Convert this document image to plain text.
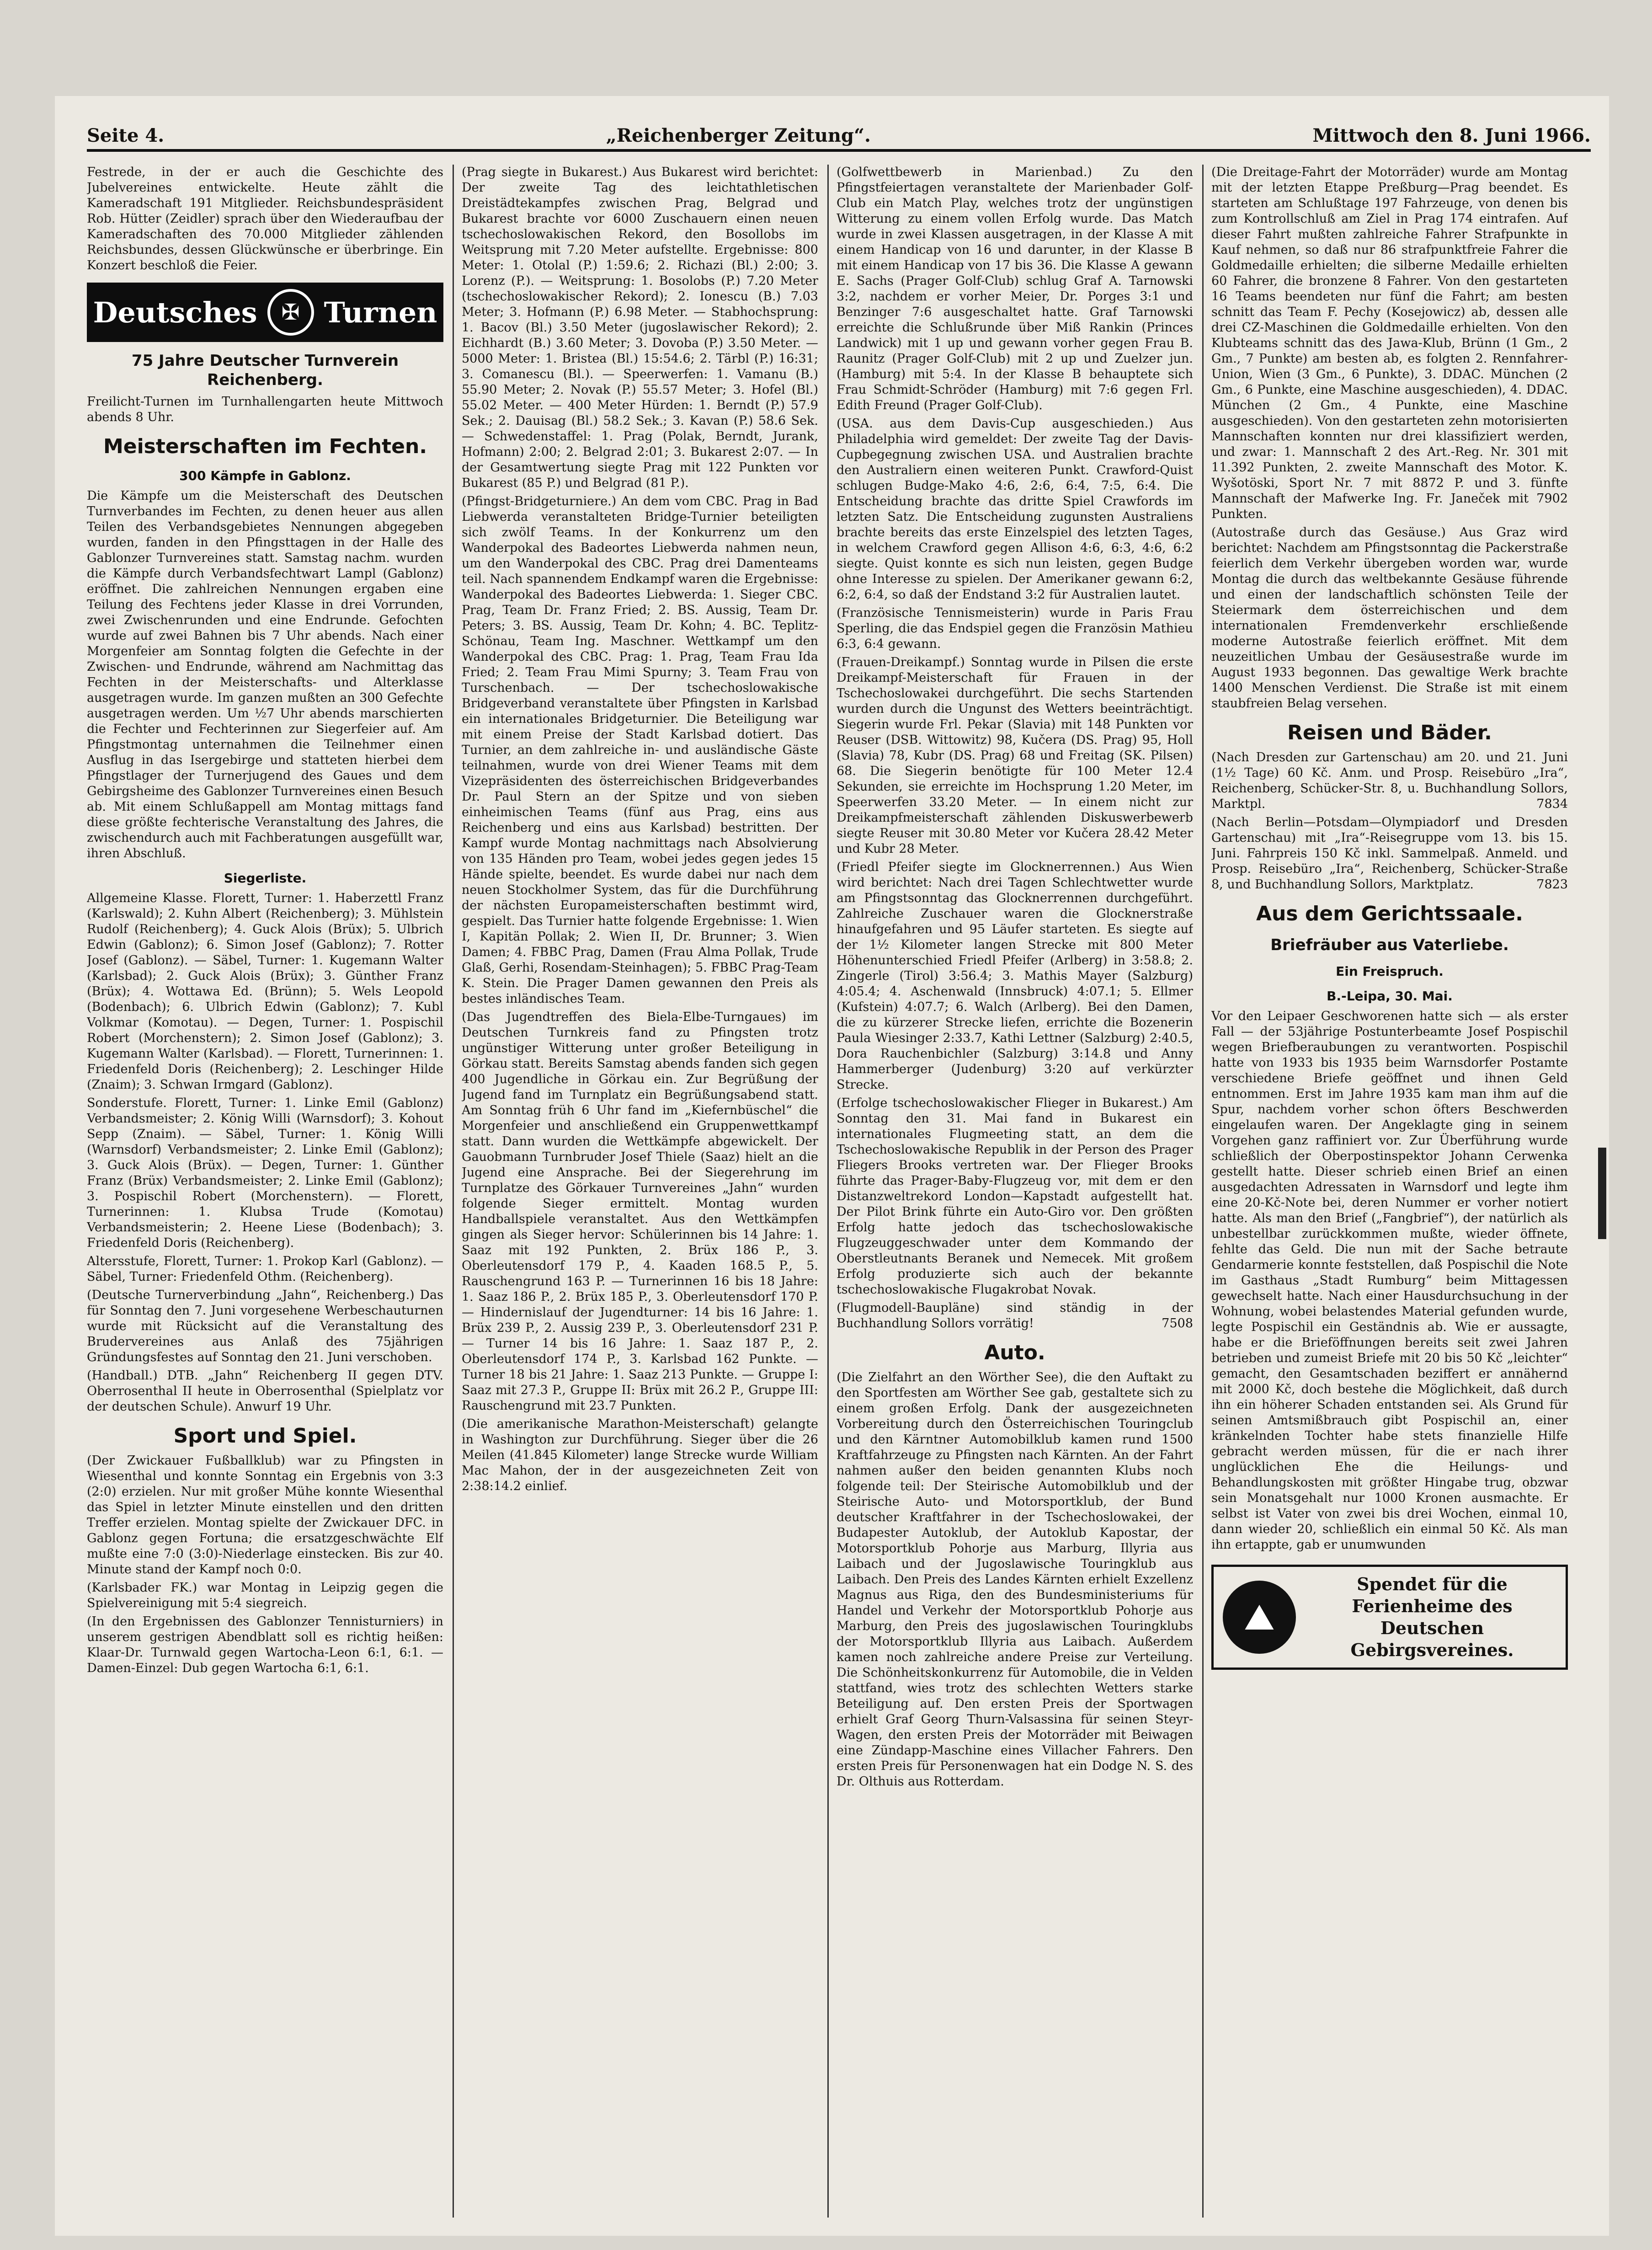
Seite 4.	„Reichenberger Zeitung“.	Mittwoch den 8. Juni 1966.

Festrede, in der er auch die Geschichte des Jubelvereines entwickelte. Heute zählt die Kameradschaft 191 Mitglieder. Reichsbundespräsident Rob. Hütter (Zeidler) sprach über den Wiederaufbau der Kameradschaften des 70.000 Mitglieder zählenden Reichsbundes, dessen Glückwünsche er überbringe. Ein Konzert beschloß die Feier.

Deutsches	✠ Turnen
75 Jahre Deutscher Turnverein Reichenberg.

Freilicht-Turnen im Turnhallengarten heute Mittwoch abends 8 Uhr.

Meisterschaften im Fechten.
300 Kämpfe in Gablonz.

Die Kämpfe um die Meisterschaft des Deutschen Turnverbandes im Fechten, zu denen heuer aus allen Teilen des Verbandsgebietes Nennungen abgegeben wurden, fanden in den Pfingsttagen in der Halle des Gablonzer Turnvereines statt. Samstag nachm. wurden die Kämpfe durch Verbandsfechtwart Lampl (Gablonz) eröffnet. Die zahlreichen Nennungen ergaben eine Teilung des Fechtens jeder Klasse in drei Vorrunden, zwei Zwischenrunden und eine Endrunde. Gefochten wurde auf zwei Bahnen bis 7 Uhr abends. Nach einer Morgenfeier am Sonntag folgten die Gefechte in der Zwischen- und Endrunde, während am Nachmittag das Fechten in der Meisterschafts- und Alterklasse ausgetragen wurde. Im ganzen mußten an 300 Gefechte ausgetragen werden. Um ½7 Uhr abends marschierten die Fechter und Fechterinnen zur Siegerfeier auf. Am Pfingstmontag unternahmen die Teilnehmer einen Ausflug in das Isergebirge und statteten hierbei dem Pfingstlager der Turnerjugend des Gaues und dem Gebirgsheime des Gablonzer Turnvereines einen Besuch ab. Mit einem Schlußappell am Montag mittags fand diese größte fechterische Veranstaltung des Jahres, die zwischendurch auch mit Fachberatungen ausgefüllt war, ihren Abschluß.

Siegerliste.

Allgemeine Klasse. Florett, Turner: 1. Haberzettl Franz (Karlswald); 2. Kuhn Albert (Reichenberg); 3. Mühlstein Rudolf (Reichenberg); 4. Guck Alois (Brüx); 5. Ulbrich Edwin (Gablonz); 6. Simon Josef (Gablonz); 7. Rotter Josef (Gablonz). — Säbel, Turner: 1. Kugemann Walter (Karlsbad); 2. Guck Alois (Brüx); 3. Günther Franz (Brüx); 4. Wottawa Ed. (Brünn); 5. Wels Leopold (Bodenbach); 6. Ulbrich Edwin (Gablonz); 7. Kubl Volkmar (Komotau). — Degen, Turner: 1. Pospischil Robert (Morchenstern); 2. Simon Josef (Gablonz); 3. Kugemann Walter (Karlsbad). — Florett, Turnerinnen: 1. Friedenfeld Doris (Reichenberg); 2. Leschinger Hilde (Znaim); 3. Schwan Irmgard (Gablonz).

Sonderstufe. Florett, Turner: 1. Linke Emil (Gablonz) Verbandsmeister; 2. König Willi (Warnsdorf); 3. Kohout Sepp (Znaim). — Säbel, Turner: 1. König Willi (Warnsdorf) Verbandsmeister; 2. Linke Emil (Gablonz); 3. Guck Alois (Brüx). — Degen, Turner: 1. Günther Franz (Brüx) Verbandsmeister; 2. Linke Emil (Gablonz); 3. Pospischil Robert (Morchenstern). — Florett, Turnerinnen: 1. Klubsa Trude (Komotau) Verbandsmeisterin; 2. Heene Liese (Bodenbach); 3. Friedenfeld Doris (Reichenberg).

Altersstufe, Florett, Turner: 1. Prokop Karl (Gablonz). — Säbel, Turner: Friedenfeld Othm. (Reichenberg).

(Deutsche Turnerverbindung „Jahn“, Reichenberg.) Das für Sonntag den 7. Juni vorgesehene Werbeschauturnen wurde mit Rücksicht auf die Veranstaltung des Brudervereines aus Anlaß des 75jährigen Gründungsfestes auf Sonntag den 21. Juni verschoben.

(Handball.) DTB. „Jahn“ Reichenberg II gegen DTV. Oberrosenthal II heute in Oberrosenthal (Spielplatz vor der deutschen Schule). Anwurf 19 Uhr.

Sport und Spiel.

(Der Zwickauer Fußballklub) war zu Pfingsten in Wiesenthal und konnte Sonntag ein Ergebnis von 3:3 (2:0) erzielen. Nur mit großer Mühe konnte Wiesenthal das Spiel in letzter Minute einstellen und den dritten Treffer erzielen. Montag spielte der Zwickauer DFC. in Gablonz gegen Fortuna; die ersatzgeschwächte Elf mußte eine 7:0 (3:0)-Niederlage einstecken. Bis zur 40. Minute stand der Kampf noch 0:0.

(Karlsbader FK.) war Montag in Leipzig gegen die Spielvereinigung mit 5:4 siegreich.

(In den Ergebnissen des Gablonzer Tennisturniers) in unserem gestrigen Abendblatt soll es richtig heißen: Klaar-Dr. Turnwald gegen Wartocha-Leon 6:1, 6:1. — Damen-Einzel: Dub gegen Wartocha 6:1, 6:1.

(Prag siegte in Bukarest.) Aus Bukarest wird berichtet: Der zweite Tag des leichtathletischen Dreistädtekampfes zwischen Prag, Belgrad und Bukarest brachte vor 6000 Zuschauern einen neuen tschechoslowakischen Rekord, den Bosollobs im Weitsprung mit 7.20 Meter aufstellte. Ergebnisse: 800 Meter: 1. Otolal (P.) 1:59.6; 2. Richazi (Bl.) 2:00; 3. Lorenz (P.). — Weitsprung: 1. Bosolobs (P.) 7.20 Meter (tschechoslowakischer Rekord); 2. Ionescu (B.) 7.03 Meter; 3. Hofmann (P.) 6.98 Meter. — Stabhochsprung: 1. Bacov (Bl.) 3.50 Meter (jugoslawischer Rekord); 2. Eichhardt (B.) 3.60 Meter; 3. Dovoba (P.) 3.50 Meter. — 5000 Meter: 1. Bristea (Bl.) 15:54.6; 2. Tärbl (P.) 16:31; 3. Comanescu (Bl.). — Speerwerfen: 1. Vamanu (B.) 55.90 Meter; 2. Novak (P.) 55.57 Meter; 3. Hofel (Bl.) 55.02 Meter. — 400 Meter Hürden: 1. Berndt (P.) 57.9 Sek.; 2. Dauisag (Bl.) 58.2 Sek.; 3. Kavan (P.) 58.6 Sek. — Schwedenstaffel: 1. Prag (Polak, Berndt, Jurank, Hofmann) 2:00; 2. Belgrad 2:01; 3. Bukarest 2:07. — In der Gesamtwertung siegte Prag mit 122 Punkten vor Bukarest (85 P.) und Belgrad (81 P.).

(Pfingst-Bridgeturniere.) An dem vom CBC. Prag in Bad Liebwerda veranstalteten Bridge-Turnier beteiligten sich zwölf Teams. In der Konkurrenz um den Wanderpokal des Badeortes Liebwerda nahmen neun, um den Wanderpokal des CBC. Prag drei Damenteams teil. Nach spannendem Endkampf waren die Ergebnisse: Wanderpokal des Badeortes Liebwerda: 1. Sieger CBC. Prag, Team Dr. Franz Fried; 2. BS. Aussig, Team Dr. Peters; 3. BS. Aussig, Team Dr. Kohn; 4. BC. Teplitz-Schönau, Team Ing. Maschner. Wettkampf um den Wanderpokal des CBC. Prag: 1. Prag, Team Frau Ida Fried; 2. Team Frau Mimi Spurny; 3. Team Frau von Turschenbach. — Der tschechoslowakische Bridgeverband veranstaltete über Pfingsten in Karlsbad ein internationales Bridgeturnier. Die Beteiligung war mit einem Preise der Stadt Karlsbad dotiert. Das Turnier, an dem zahlreiche in- und ausländische Gäste teilnahmen, wurde von drei Wiener Teams mit dem Vizepräsidenten des österreichischen Bridgeverbandes Dr. Paul Stern an der Spitze und von sieben einheimischen Teams (fünf aus Prag, eins aus Reichenberg und eins aus Karlsbad) bestritten. Der Kampf wurde Montag nachmittags nach Absolvierung von 135 Händen pro Team, wobei jedes gegen jedes 15 Hände spielte, beendet. Es wurde dabei nur nach dem neuen Stockholmer System, das für die Durchführung der nächsten Europameisterschaften bestimmt wird, gespielt. Das Turnier hatte folgende Ergebnisse: 1. Wien I, Kapitän Pollak; 2. Wien II, Dr. Brunner; 3. Wien Damen; 4. FBBC Prag, Damen (Frau Alma Pollak, Trude Glaß, Gerhi, Rosendam-Steinhagen); 5. FBBC Prag-Team K. Stein. Die Prager Damen gewannen den Preis als bestes inländisches Team.

(Das Jugendtreffen des Biela-Elbe-Turngaues) im Deutschen Turnkreis fand zu Pfingsten trotz ungünstiger Witterung unter großer Beteiligung in Görkau statt. Bereits Samstag abends fanden sich gegen 400 Jugendliche in Görkau ein. Zur Begrüßung der Jugend fand im Turnplatz ein Begrüßungsabend statt. Am Sonntag früh 6 Uhr fand im „Kiefernbüschel“ die Morgenfeier und anschließend ein Gruppenwettkampf statt. Dann wurden die Wettkämpfe abgewickelt. Der Gauobmann Turnbruder Josef Thiele (Saaz) hielt an die Jugend eine Ansprache. Bei der Siegerehrung im Turnplatze des Görkauer Turnvereines „Jahn“ wurden folgende Sieger ermittelt. Montag wurden Handballspiele veranstaltet. Aus den Wettkämpfen gingen als Sieger hervor: Schülerinnen bis 14 Jahre: 1. Saaz mit 192 Punkten, 2. Brüx 186 P., 3. Oberleutensdorf 179 P., 4. Kaaden 168.5 P., 5. Rauschengrund 163 P. — Turnerinnen 16 bis 18 Jahre: 1. Saaz 186 P., 2. Brüx 185 P., 3. Oberleutensdorf 170 P. — Hindernislauf der Jugendturner: 14 bis 16 Jahre: 1. Brüx 239 P., 2. Aussig 239 P., 3. Oberleutensdorf 231 P. — Turner 14 bis 16 Jahre: 1. Saaz 187 P., 2. Oberleutensdorf 174 P., 3. Karlsbad 162 Punkte. — Turner 18 bis 21 Jahre: 1. Saaz 213 Punkte. — Gruppe I: Saaz mit 27.3 P., Gruppe II: Brüx mit 26.2 P., Gruppe III: Rauschengrund mit 23.7 Punkten.

(Die amerikanische Marathon-Meisterschaft) gelangte in Washington zur Durchführung. Sieger über die 26 Meilen (41.845 Kilometer) lange Strecke wurde William Mac Mahon, der in der ausgezeichneten Zeit von 2:38:14.2 einlief.

(Golfwettbewerb in Marienbad.) Zu den Pfingstfeiertagen veranstaltete der Marienbader Golf-Club ein Match Play, welches trotz der ungünstigen Witterung zu einem vollen Erfolg wurde. Das Match wurde in zwei Klassen ausgetragen, in der Klasse A mit einem Handicap von 16 und darunter, in der Klasse B mit einem Handicap von 17 bis 36. Die Klasse A gewann E. Sachs (Prager Golf-Club) schlug Graf A. Tarnowski 3:2, nachdem er vorher Meier, Dr. Porges 3:1 und Benzinger 7:6 ausgeschaltet hatte. Graf Tarnowski erreichte die Schlußrunde über Miß Rankin (Princes Landwick) mit 1 up und gewann vorher gegen Frau B. Raunitz (Prager Golf-Club) mit 2 up und Zuelzer jun. (Hamburg) mit 5:4. In der Klasse B behauptete sich Frau Schmidt-Schröder (Hamburg) mit 7:6 gegen Frl. Edith Freund (Prager Golf-Club).

(USA. aus dem Davis-Cup ausgeschieden.) Aus Philadelphia wird gemeldet: Der zweite Tag der Davis-Cupbegegnung zwischen USA. und Australien brachte den Australiern einen weiteren Punkt. Crawford-Quist schlugen Budge-Mako 4:6, 2:6, 6:4, 7:5, 6:4. Die Entscheidung brachte das dritte Spiel Crawfords im letzten Satz. Die Entscheidung zugunsten Australiens brachte bereits das erste Einzelspiel des letzten Tages, in welchem Crawford gegen Allison 4:6, 6:3, 4:6, 6:2 siegte. Quist konnte es sich nun leisten, gegen Budge ohne Interesse zu spielen. Der Amerikaner gewann 6:2, 6:2, 6:4, so daß der Endstand 3:2 für Australien lautet.

(Französische Tennismeisterin) wurde in Paris Frau Sperling, die das Endspiel gegen die Französin Mathieu 6:3, 6:4 gewann.

(Frauen-Dreikampf.) Sonntag wurde in Pilsen die erste Dreikampf-Meisterschaft für Frauen in der Tschechoslowakei durchgeführt. Die sechs Startenden wurden durch die Ungunst des Wetters beeinträchtigt. Siegerin wurde Frl. Pekar (Slavia) mit 148 Punkten vor Reuser (DSB. Wittowitz) 98, Kučera (DS. Prag) 95, Holl (Slavia) 78, Kubr (DS. Prag) 68 und Freitag (SK. Pilsen) 68. Die Siegerin benötigte für 100 Meter 12.4 Sekunden, sie erreichte im Hochsprung 1.20 Meter, im Speerwerfen 33.20 Meter. — In einem nicht zur Dreikampfmeisterschaft zählenden Diskuswerbewerb siegte Reuser mit 30.80 Meter vor Kučera 28.42 Meter und Kubr 28 Meter.

(Friedl Pfeifer siegte im Glocknerrennen.) Aus Wien wird berichtet: Nach drei Tagen Schlechtwetter wurde am Pfingstsonntag das Glocknerrennen durchgeführt. Zahlreiche Zuschauer waren die Glocknerstraße hinaufgefahren und 95 Läufer starteten. Es siegte auf der 1½ Kilometer langen Strecke mit 800 Meter Höhenunterschied Friedl Pfeifer (Arlberg) in 3:58.8; 2. Zingerle (Tirol) 3:56.4; 3. Mathis Mayer (Salzburg) 4:05.4; 4. Aschenwald (Innsbruck) 4:07.1; 5. Ellmer (Kufstein) 4:07.7; 6. Walch (Arlberg). Bei den Damen, die zu kürzerer Strecke liefen, errichte die Bozenerin Paula Wiesinger 2:33.7, Kathi Lettner (Salzburg) 2:40.5, Dora Rauchenbichler (Salzburg) 3:14.8 und Anny Hammerberger (Judenburg) 3:20 auf verkürzter Strecke.

(Erfolge tschechoslowakischer Flieger in Bukarest.) Am Sonntag den 31. Mai fand in Bukarest ein internationales Flugmeeting statt, an dem die Tschechoslowakische Republik in der Person des Prager Fliegers Brooks vertreten war. Der Flieger Brooks führte das Prager-Baby-Flugzeug vor, mit dem er den Distanzweltrekord London—Kapstadt aufgestellt hat. Der Pilot Brink führte ein Auto-Giro vor. Den größten Erfolg hatte jedoch das tschechoslowakische Flugzeuggeschwader unter dem Kommando der Oberstleutnants Beranek und Nemecek. Mit großem Erfolg produzierte sich auch der bekannte tschechoslowakische Flugakrobat Novak.

(Flugmodell-Baupläne) sind ständig in der Buchhandlung Sollors vorrätig!	7508

Auto.

(Die Zielfahrt an den Wörther See), die den Auftakt zu den Sportfesten am Wörther See gab, gestaltete sich zu einem großen Erfolg. Dank der ausgezeichneten Vorbereitung durch den Österreichischen Touringclub und den Kärntner Automobilklub kamen rund 1500 Kraftfahrzeuge zu Pfingsten nach Kärnten. An der Fahrt nahmen außer den beiden genannten Klubs noch folgende teil: Der Steirische Automobilklub und der Steirische Auto- und Motorsportklub, der Bund deutscher Kraftfahrer in der Tschechoslowakei, der Budapester Autoklub, der Autoklub Kapostar, der Motorsportklub Pohorje aus Marburg, Illyria aus Laibach und der Jugoslawische Touringklub aus Laibach. Den Preis des Landes Kärnten erhielt Exzellenz Magnus aus Riga, den des Bundesministeriums für Handel und Verkehr der Motorsportklub Pohorje aus Marburg, den Preis des jugoslawischen Touringklubs der Motorsportklub Illyria aus Laibach. Außerdem kamen noch zahlreiche andere Preise zur Verteilung. Die Schönheitskonkurrenz für Automobile, die in Velden stattfand, wies trotz des schlechten Wetters starke Beteiligung auf. Den ersten Preis der Sportwagen erhielt Graf Georg Thurn-Valsassina für seinen Steyr-Wagen, den ersten Preis der Motorräder mit Beiwagen eine Zündapp-Maschine eines Villacher Fahrers. Den ersten Preis für Personenwagen hat ein Dodge N. S. des Dr. Olthuis aus Rotterdam.

(Die Dreitage-Fahrt der Motorräder) wurde am Montag mit der letzten Etappe Preßburg—Prag beendet. Es starteten am Schlußtage 197 Fahrzeuge, von denen bis zum Kontrollschluß am Ziel in Prag 174 eintrafen. Auf dieser Fahrt mußten zahlreiche Fahrer Strafpunkte in Kauf nehmen, so daß nur 86 strafpunktfreie Fahrer die Goldmedaille erhielten; die silberne Medaille erhielten 60 Fahrer, die bronzene 8 Fahrer. Von den gestarteten 16 Teams beendeten nur fünf die Fahrt; am besten schnitt das Team F. Pechy (Kosejowicz) ab, dessen alle drei CZ-Maschinen die Goldmedaille erhielten. Von den Klubteams schnitt das des Jawa-Klub, Brünn (1 Gm., 2 Gm., 7 Punkte) am besten ab, es folgten 2. Rennfahrer-Union, Wien (3 Gm., 6 Punkte), 3. DDAC. München (2 Gm., 6 Punkte, eine Maschine ausgeschieden), 4. DDAC. München (2 Gm., 4 Punkte, eine Maschine ausgeschieden). Von den gestarteten zehn motorisierten Mannschaften konnten nur drei klassifiziert werden, und zwar: 1. Mannschaft 2 des Art.-Reg. Nr. 301 mit 11.392 Punkten, 2. zweite Mannschaft des Motor. K. Wyšotöski, Sport Nr. 7 mit 8872 P. und 3. fünfte Mannschaft der Mafwerke Ing. Fr. Janeček mit 7902 Punkten.

(Autostraße durch das Gesäuse.) Aus Graz wird berichtet: Nachdem am Pfingstsonntag die Packerstraße feierlich dem Verkehr übergeben worden war, wurde Montag die durch das weltbekannte Gesäuse führende und einen der landschaftlich schönsten Teile der Steiermark dem österreichischen und dem internationalen Fremdenverkehr erschließende moderne Autostraße feierlich eröffnet. Mit dem neuzeitlichen Umbau der Gesäusestraße wurde im August 1933 begonnen. Das gewaltige Werk brachte 1400 Menschen Verdienst. Die Straße ist mit einem staubfreien Belag versehen.

Reisen und Bäder.

(Nach Dresden zur Gartenschau) am 20. und 21. Juni (1½ Tage) 60 Kč. Anm. und Prosp. Reisebüro „Ira“, Reichenberg, Schücker-Str. 8, u. Buchhandlung Sollors, Marktpl.	7834

(Nach Berlin—Potsdam—Olympiadorf und Dresden Gartenschau) mit „Ira“-Reisegruppe vom 13. bis 15. Juni. Fahrpreis 150 Kč inkl. Sammelpaß. Anmeld. und Prosp. Reisebüro „Ira“, Reichenberg, Schücker-Straße 8, und Buchhandlung Sollors, Marktplatz.	7823

Aus dem Gerichtssaale.
Briefräuber aus Vaterliebe.
Ein Freispruch.
B.-Leipa, 30. Mai.

Vor den Leipaer Geschworenen hatte sich — als erster Fall — der 53jährige Postunterbeamte Josef Pospischil wegen Briefberaubungen zu verantworten. Pospischil hatte von 1933 bis 1935 beim Warnsdorfer Postamte verschiedene Briefe geöffnet und ihnen Geld entnommen. Erst im Jahre 1935 kam man ihm auf die Spur, nachdem vorher schon öfters Beschwerden eingelaufen waren. Der Angeklagte ging in seinem Vorgehen ganz raffiniert vor. Zur Überführung wurde schließlich der Oberpostinspektor Johann Cerwenka gestellt hatte. Dieser schrieb einen Brief an einen ausgedachten Adressaten in Warnsdorf und legte ihm eine 20-Kč-Note bei, deren Nummer er vorher notiert hatte. Als man den Brief („Fangbrief“), der natürlich als unbestellbar zurückkommen mußte, wieder öffnete, fehlte das Geld. Die nun mit der Sache betraute Gendarmerie konnte feststellen, daß Pospischil die Note im Gasthaus „Stadt Rumburg“ beim Mittagessen gewechselt hatte. Nach einer Hausdurchsuchung in der Wohnung, wobei belastendes Material gefunden wurde, legte Pospischil ein Geständnis ab. Wie er aussagte, habe er die Brieföffnungen bereits seit zwei Jahren betrieben und zumeist Briefe mit 20 bis 50 Kč „leichter“ gemacht, den Gesamtschaden beziffert er annähernd mit 2000 Kč, doch bestehe die Möglichkeit, daß durch ihn ein höherer Schaden entstanden sei. Als Grund für seinen Amtsmißbrauch gibt Pospischil an, einer kränkelnden Tochter habe stets finanzielle Hilfe gebracht werden müssen, für die er nach ihrer unglücklichen Ehe die Heilungs- und Behandlungskosten mit größter Hingabe trug, obzwar sein Monatsgehalt nur 1000 Kronen ausmachte. Er selbst ist Vater von zwei bis drei Wochen, einmal 10, dann wieder 20, schließlich ein einmal 50 Kč. Als man ihn ertappte, gab er unumwunden

⛰
Spendet für die Ferienheime des Deutschen Gebirgsvereines.
